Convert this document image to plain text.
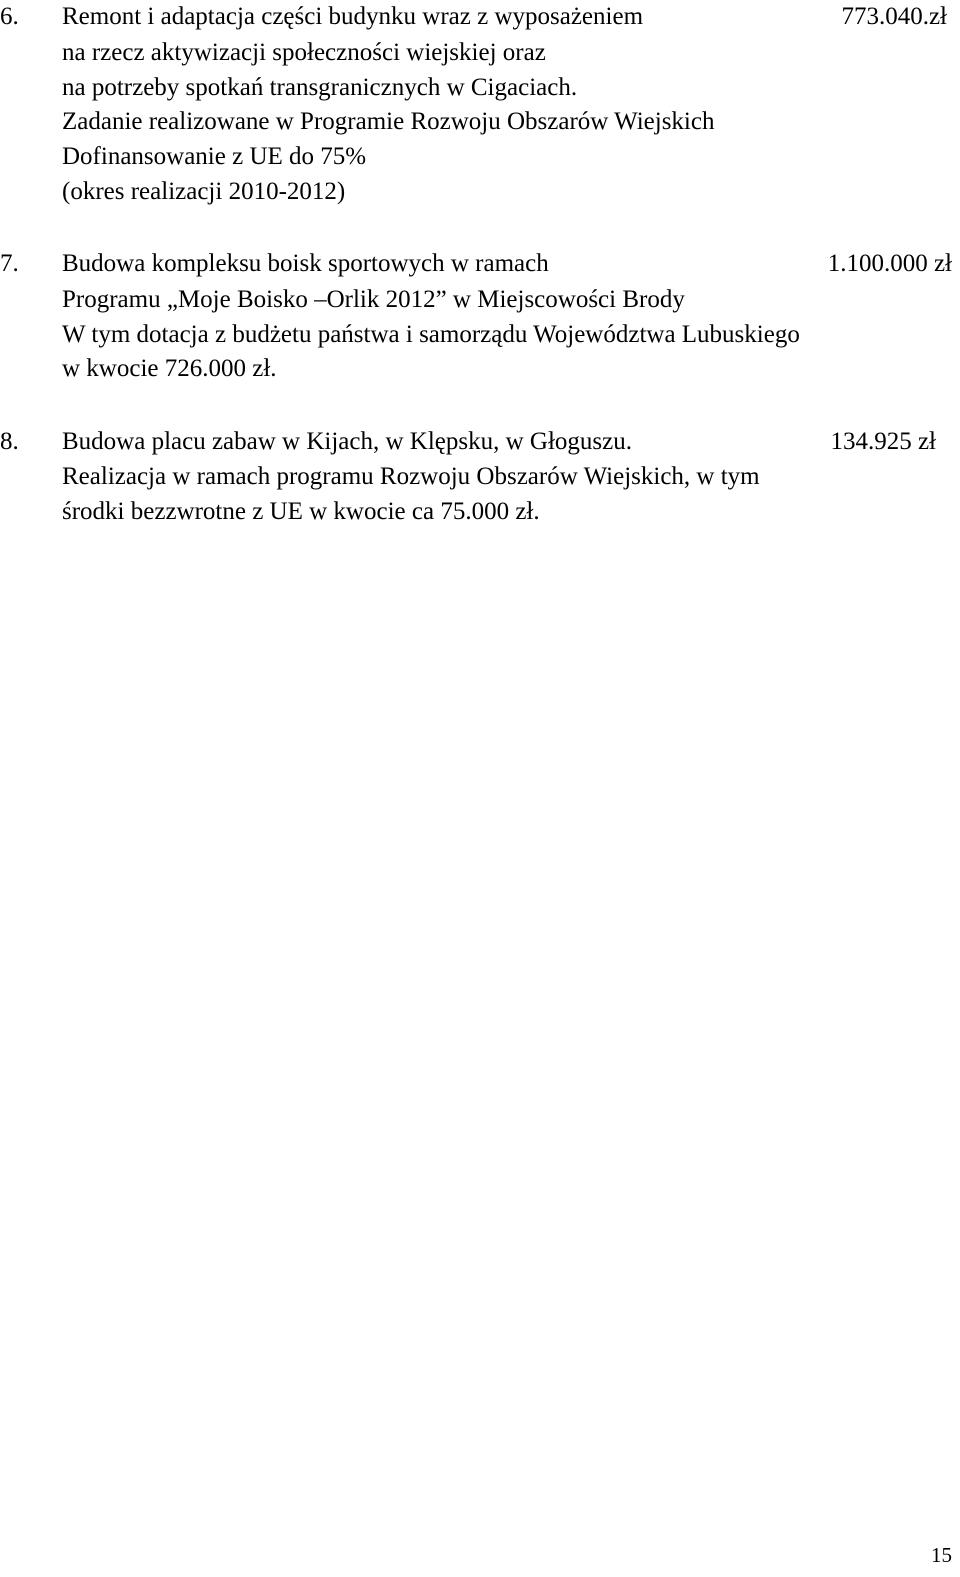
6. Remont i adaptacja części budynku wraz z wyposażeniem	773.040.zł
na rzecz aktywizacji społeczności wiejskiej oraz
na potrzeby spotkań transgranicznych w Cigaciach.
Zadanie realizowane w Programie Rozwoju Obszarów Wiejskich
Dofinansowanie z UE do 75%
(okres realizacji 2010-2012)
7. Budowa kompleksu boisk sportowych w ramach	1.100.000 zł
Programu „Moje Boisko –Orlik 2012” w Miejscowości Brody
W tym dotacja z budżetu państwa i samorządu Województwa Lubuskiego
w kwocie 726.000 zł.
8. Budowa placu zabaw w Kijach, w Klępsku, w Głoguszu.	134.925 zł
Realizacja w ramach programu Rozwoju Obszarów Wiejskich, w tym
środki bezzwrotne z UE w kwocie ca 75.000 zł.
15
